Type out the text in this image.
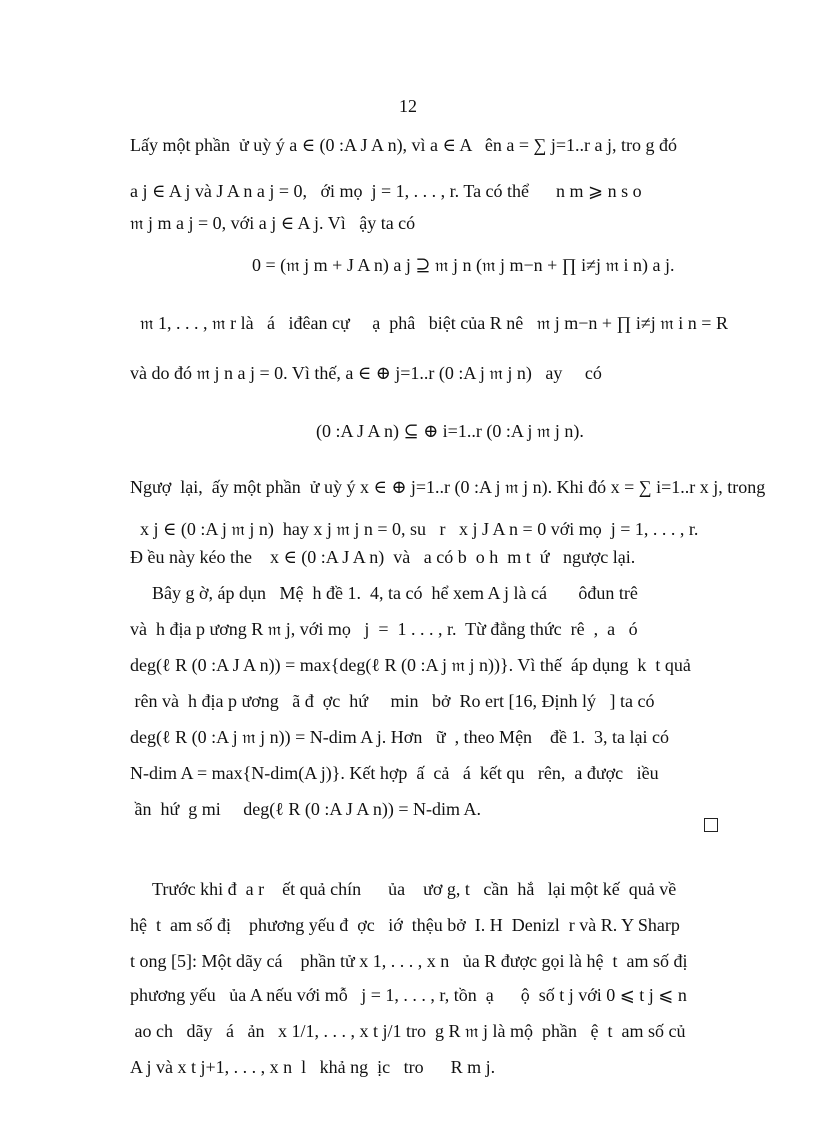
12
Lấy một phần  ử uỳ ý a ∈ (0 :A J A n), vì a ∈ A   ên a = ∑ j=1..r a j, tro g đó
a j ∈ A j và J A n a j = 0,   ới mọ  j = 1, . . . , r. Ta có thể      n m ⩾ n s o
𝔪 j m a j = 0, với a j ∈ A j. Vì   ậy ta có
0 = (𝔪 j m + J A n) a j ⊇ 𝔪 j n (𝔪 j m−n + ∏ i≠j 𝔪 i n) a j.
𝔪 1, . . . , 𝔪 r là   á   iđêan cự     ạ  phâ   biệt của R nê   𝔪 j m−n + ∏ i≠j 𝔪 i n = R
và do đó 𝔪 j n a j = 0. Vì thế, a ∈ ⊕ j=1..r (0 :A j 𝔪 j n)   ay     có
(0 :A J A n) ⊆ ⊕ i=1..r (0 :A j 𝔪 j n).
Ngượ  lại,  ấy một phần  ử uỳ ý x ∈ ⊕ j=1..r (0 :A j 𝔪 j n). Khi đó x = ∑ i=1..r x j, trong
x j ∈ (0 :A j 𝔪 j n)  hay x j 𝔪 j n = 0, su   r   x j J A n = 0 với mọ  j = 1, . . . , r.
Đ ều này kéo the    x ∈ (0 :A J A n)  và   a có b  o h  m t  ứ   ngược lại.
Bây g ờ, áp dụn   Mệ  h đề 1.  4, ta có  hể xem A j là cá       ôđun trê
và  h địa p ương R 𝔪 j, với mọ   j  =  1 . . . , r.  Từ đẳng thức  rê  ,  a   ó
deg(ℓ R (0 :A J A n)) = max{deg(ℓ R (0 :A j 𝔪 j n))}. Vì thế  áp dụng  k  t quả
rên và  h địa p ương   ã đ  ợc  hứ     min   bở  Ro ert [16, Định lý   ] ta có
deg(ℓ R (0 :A j 𝔪 j n)) = N-dim A j. Hơn   ữ  , theo Mện    đề 1.  3, ta lại có
N-dim A = max{N-dim(A j)}. Kết hợp  ấ  cả   á  kết qu   rên,  a được   iều
ần  hứ  g mi     deg(ℓ R (0 :A J A n)) = N-dim A.
Trước khi đ  a r    ết quả chín      ủa    ươ g, t   cần  hắ   lại một kế  quả về
hệ  t  am số đị    phương yếu đ  ợc   iớ  thệu bở  I. H  Denizl  r và R. Y Sharp
t ong [5]: Một dãy cá    phần tử x 1, . . . , x n   ủa R được gọi là hệ  t  am số đị
phương yếu   ủa A nếu với mỗ   j = 1, . . . , r, tồn  ạ      ộ  số t j với 0 ⩽ t j ⩽ n
ao ch   dãy   á   ản   x 1/1, . . . , x t j/1 tro  g R 𝔪 j là mộ  phần   ệ  t  am số củ
A j và x t j+1, . . . , x n  l   khả ng  ịc   tro      R m j.
